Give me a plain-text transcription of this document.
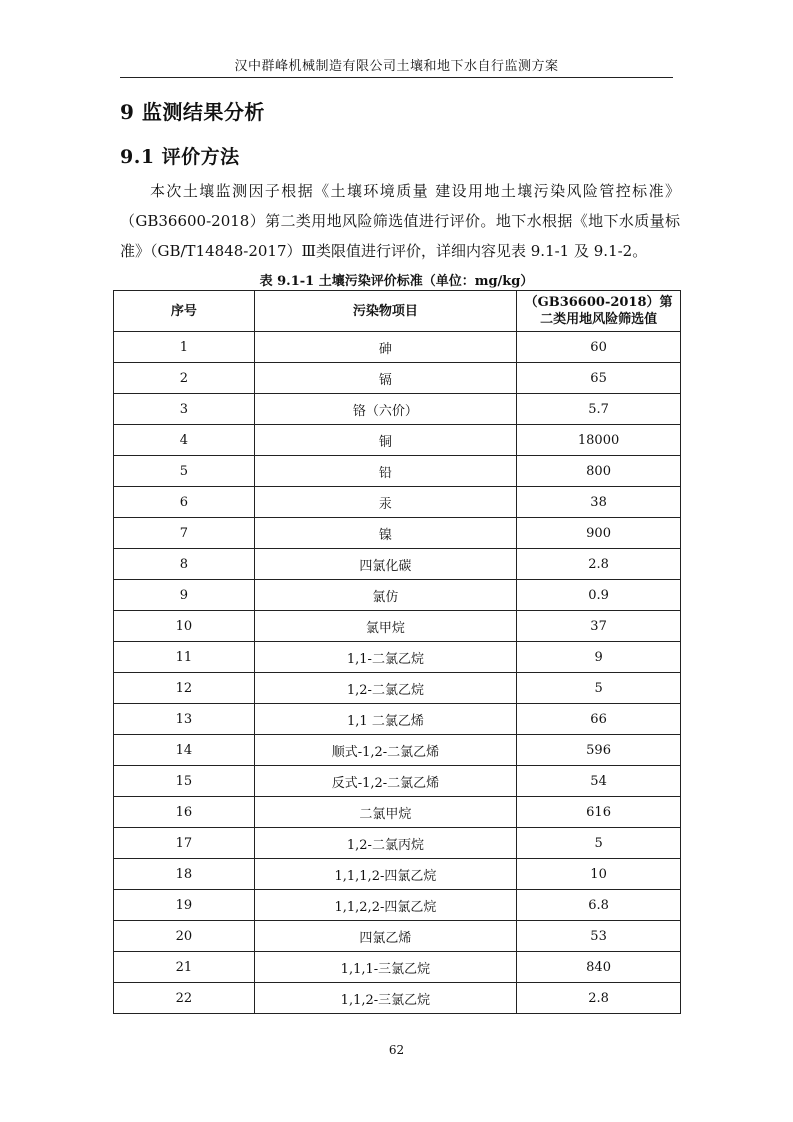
汉中群峰机械制造有限公司土壤和地下水自行监测方案
9 监测结果分析
9.1 评价方法
本次土壤监测因子根据《土壤环境质量 建设用地土壤污染风险管控标准》（GB36600-2018）第二类用地风险筛选值进行评价。地下水根据《地下水质量标准》（GB/T14848-2017）Ⅲ类限值进行评价，详细内容见表 9.1-1 及 9.1-2。
表 9.1-1 土壤污染评价标准（单位：mg/kg）
序号	污染物项目	（GB36600-2018）第二类用地风险筛选值
1	砷	60
2	镉	65
3	铬（六价）	5.7
4	铜	18000
5	铅	800
6	汞	38
7	镍	900
8	四氯化碳	2.8
9	氯仿	0.9
10	氯甲烷	37
11	1,1-二氯乙烷	9
12	1,2-二氯乙烷	5
13	1,1 二氯乙烯	66
14	顺式-1,2-二氯乙烯	596
15	反式-1,2-二氯乙烯	54
16	二氯甲烷	616
17	1,2-二氯丙烷	5
18	1,1,1,2-四氯乙烷	10
19	1,1,2,2-四氯乙烷	6.8
20	四氯乙烯	53
21	1,1,1-三氯乙烷	840
22	1,1,2-三氯乙烷	2.8
62
